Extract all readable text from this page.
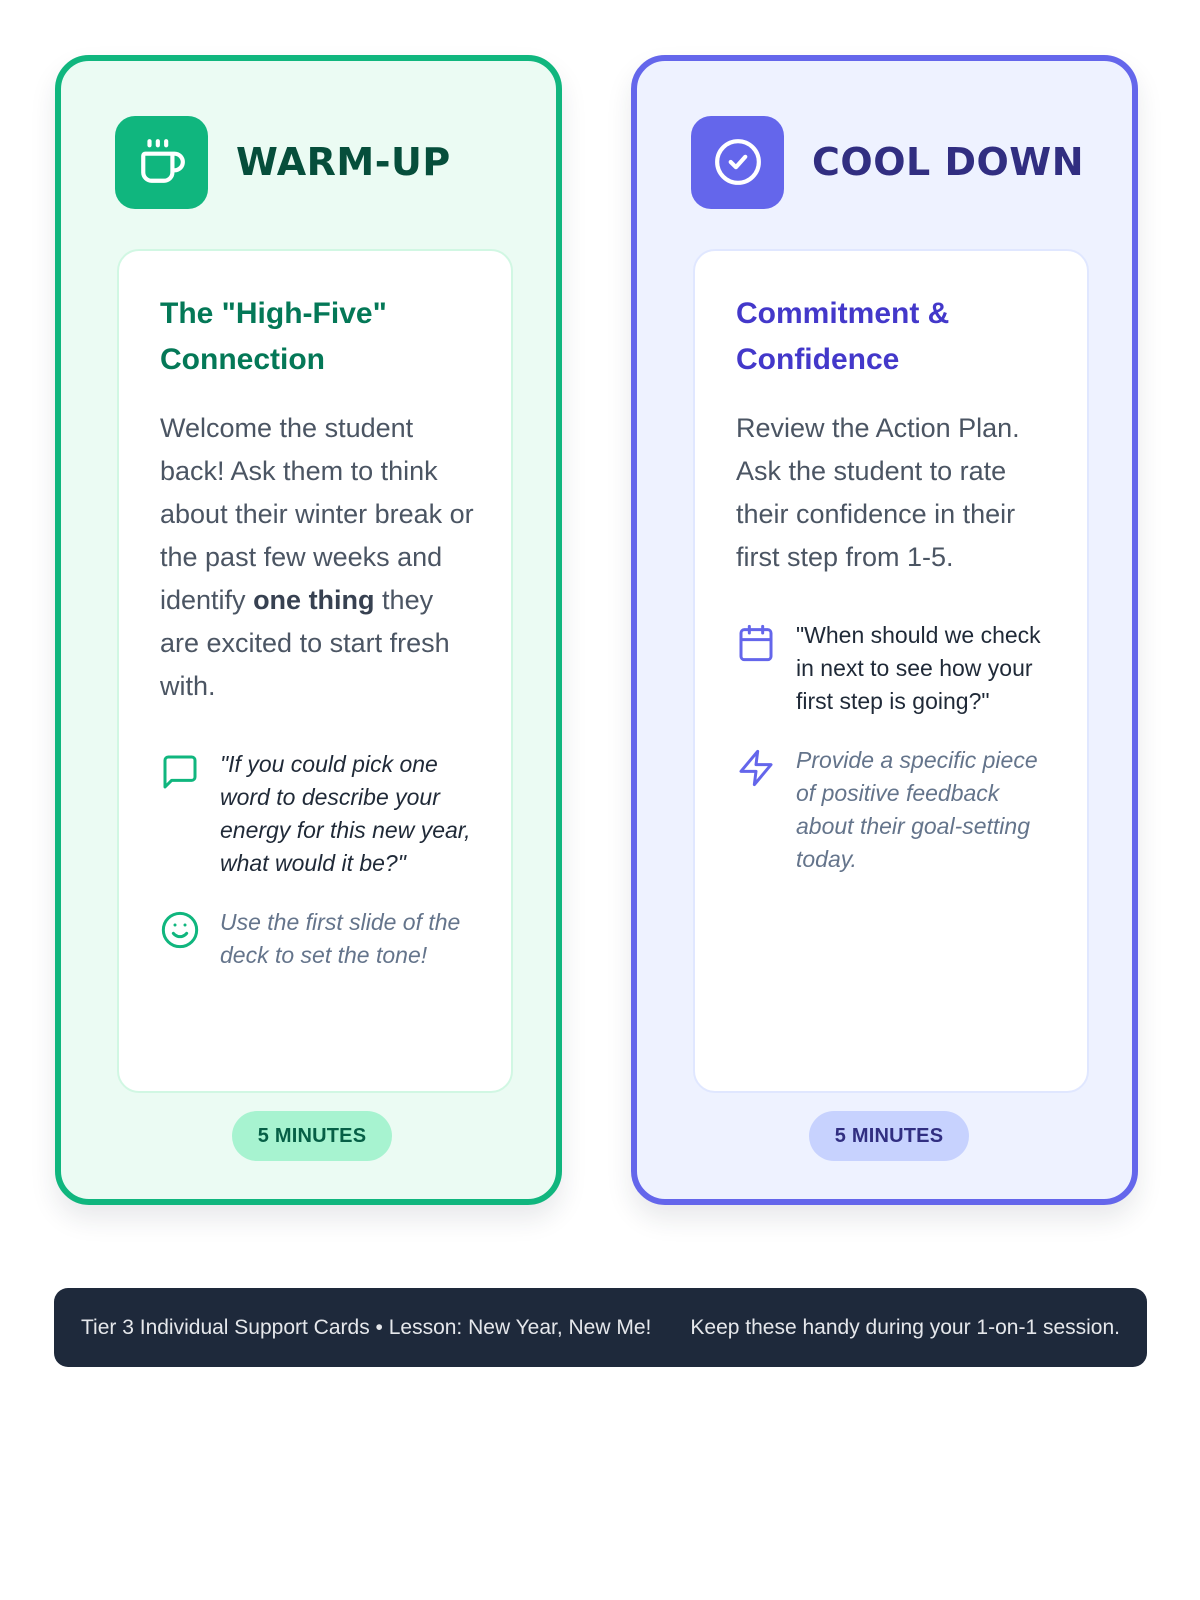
WARM-UP
The "High-Five" Connection

Welcome the student back! Ask them to think about their winter break or the past few weeks and identify one thing they are excited to start fresh with.

"If you could pick one word to describe your energy for this new year, what would it be?"
Use the first slide of the deck to set the tone!
5 MINUTES
COOL DOWN
Commitment & Confidence

Review the Action Plan. Ask the student to rate their confidence in their first step from 1-5.

"When should we check in next to see how your first step is going?"
Provide a specific piece of positive feedback about their goal-setting today.
5 MINUTES
Tier 3 Individual Support Cards • Lesson: New Year, New Me! Keep these handy during your 1-on-1 session.
